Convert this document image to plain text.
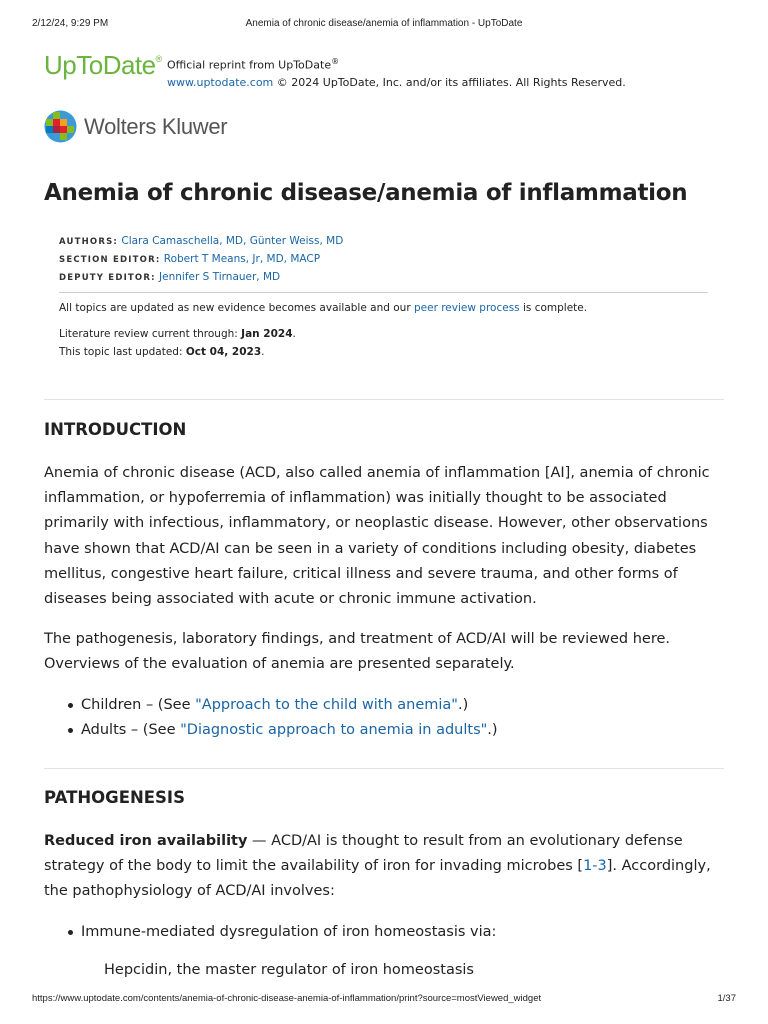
2/12/24, 9:29 PM	Anemia of chronic disease/anemia of inflammation - UpToDate
UpToDate® Official reprint from UpToDate®
www.uptodate.com © 2024 UpToDate, Inc. and/or its affiliates. All Rights Reserved.
Wolters Kluwer
Anemia of chronic disease/anemia of inflammation
AUTHORS: Clara Camaschella, MD, Günter Weiss, MD
SECTION EDITOR: Robert T Means, Jr, MD, MACP
DEPUTY EDITOR: Jennifer S Tirnauer, MD
All topics are updated as new evidence becomes available and our peer review process is complete.
Literature review current through: Jan 2024.
This topic last updated: Oct 04, 2023.
INTRODUCTION

Anemia of chronic disease (ACD, also called anemia of inflammation [AI], anemia of chronic inflammation, or hypoferremia of inflammation) was initially thought to be associated primarily with infectious, inflammatory, or neoplastic disease. However, other observations have shown that ACD/AI can be seen in a variety of conditions including obesity, diabetes mellitus, congestive heart failure, critical illness and severe trauma, and other forms of diseases being associated with acute or chronic immune activation.

The pathogenesis, laboratory findings, and treatment of ACD/AI will be reviewed here. Overviews of the evaluation of anemia are presented separately.

Children – (See "Approach to the child with anemia".)
Adults – (See "Diagnostic approach to anemia in adults".)
PATHOGENESIS

Reduced iron availability — ACD/AI is thought to result from an evolutionary defense strategy of the body to limit the availability of iron for invading microbes [1-3]. Accordingly, the pathophysiology of ACD/AI involves:

Immune-mediated dysregulation of iron homeostasis via:
Hepcidin, the master regulator of iron homeostasis
https://www.uptodate.com/contents/anemia-of-chronic-disease-anemia-of-inflammation/print?source=mostViewed_widget	1/37
